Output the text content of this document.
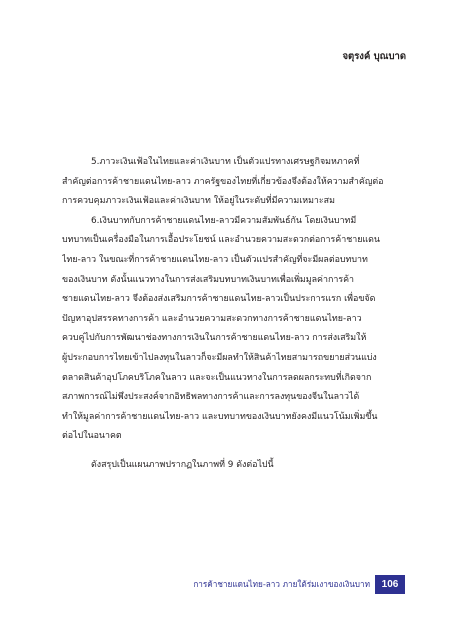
จตุรงค์ บุณบาด
5.ภาวะเงินเฟ้อในไทยและค่าเงินบาท เป็นตัวแปรทางเศรษฐกิจมหภาคที่
สำคัญต่อการค้าชายแดนไทย-ลาว ภาครัฐของไทยที่เกี่ยวข้องจึงต้องให้ความสำคัญต่อ
การควบคุมภาวะเงินเฟ้อและค่าเงินบาท ให้อยู่ในระดับที่มีความเหมาะสม
6.เงินบาทกับการค้าชายแดนไทย-ลาวมีความสัมพันธ์กัน โดยเงินบาทมี
บทบาทเป็นเครื่องมือในการเอื้อประโยชน์ และอำนวยความสะดวกต่อการค้าชายแดน
ไทย-ลาว ในขณะที่การค้าชายแดนไทย-ลาว เป็นตัวแปรสำคัญที่จะมีผลต่อบทบาท
ของเงินบาท ดังนั้นแนวทางในการส่งเสริมบทบาทเงินบาทเพื่อเพิ่มมูลค่าการค้า
ชายแดนไทย-ลาว จึงต้องส่งเสริมการค้าชายแดนไทย-ลาวเป็นประการแรก เพื่อขจัด
ปัญหาอุปสรรคทางการค้า และอำนวยความสะดวกทางการค้าชายแดนไทย-ลาว
ควบคู่ไปกับการพัฒนาช่องทางการเงินในการค้าชายแดนไทย-ลาว การส่งเสริมให้
ผู้ประกอบการไทยเข้าไปลงทุนในลาวก็จะมีผลทำให้สินค้าไทยสามารถขยายส่วนแบ่ง
ตลาดสินค้าอุปโภคบริโภคในลาว และจะเป็นแนวทางในการลดผลกระทบที่เกิดจาก
สภาพการณ์ไม่พึงประสงค์จากอิทธิพลทางการค้าและการลงทุนของจีนในลาวได้
ทำให้มูลค่าการค้าชายแดนไทย-ลาว และบทบาทของเงินบาทยังคงมีแนวโน้มเพิ่มขึ้น
ต่อไปในอนาคต
ดังสรุปเป็นแผนภาพปรากฏในภาพที่ 9 ดังต่อไปนี้
การค้าชายแดนไทย-ลาว ภายใต้ร่มเงาของเงินบาท	106
